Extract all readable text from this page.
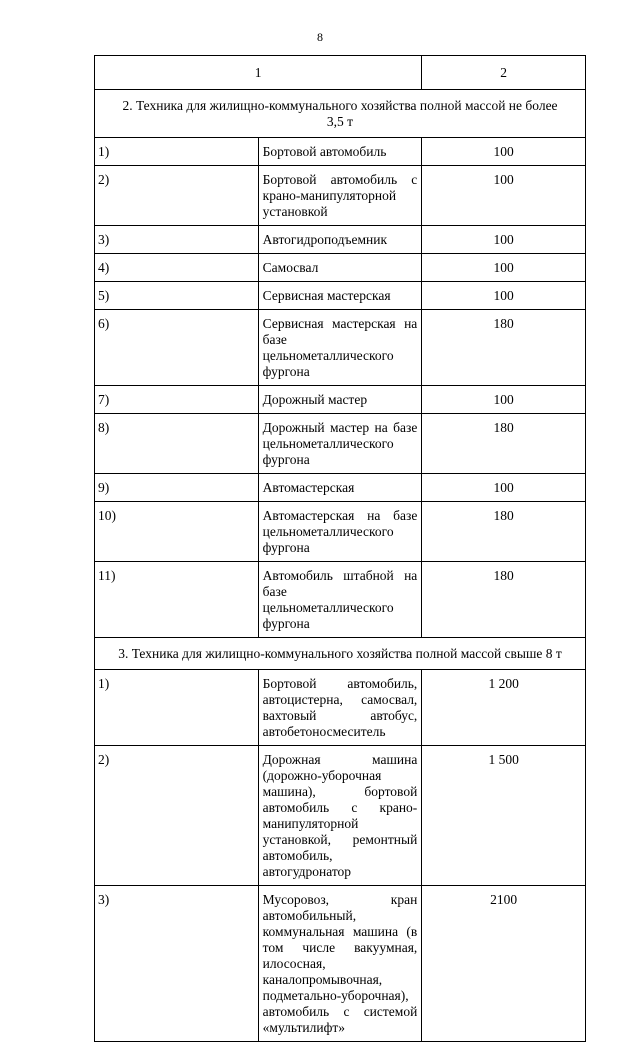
8
1		2
2. Техника для жилищно-коммунального хозяйства полной массой не более 3,5 т		
1)	Бортовой автомобиль	100
2)	Бортовой автомобиль с крано-манипуляторной установкой	100
3)	Автогидроподъемник	100
4)	Самосвал	100
5)	Сервисная мастерская	100
6)	Сервисная мастерская на базе цельнометаллического фургона	180
7)	Дорожный мастер	100
8)	Дорожный мастер на базе цельнометаллического фургона	180
9)	Автомастерская	100
10)	Автомастерская на базе цельнометаллического фургона	180
11)	Автомобиль штабной на базе цельнометаллического фургона	180
3. Техника для жилищно-коммунального хозяйства полной массой свыше 8 т		
1)	Бортовой автомобиль, автоцистерна, самосвал, вахтовый автобус, автобетоносмеситель	1 200
2)	Дорожная машина (дорожно-уборочная машина), бортовой автомобиль с крано-манипуляторной установкой, ремонтный автомобиль, автогудронатор	1 500
3)	Мусоровоз, кран автомобильный, коммунальная машина (в том числе вакуумная, илососная, каналопромывочная, подметально-уборочная), автомобиль с системой «мультилифт»	2100
